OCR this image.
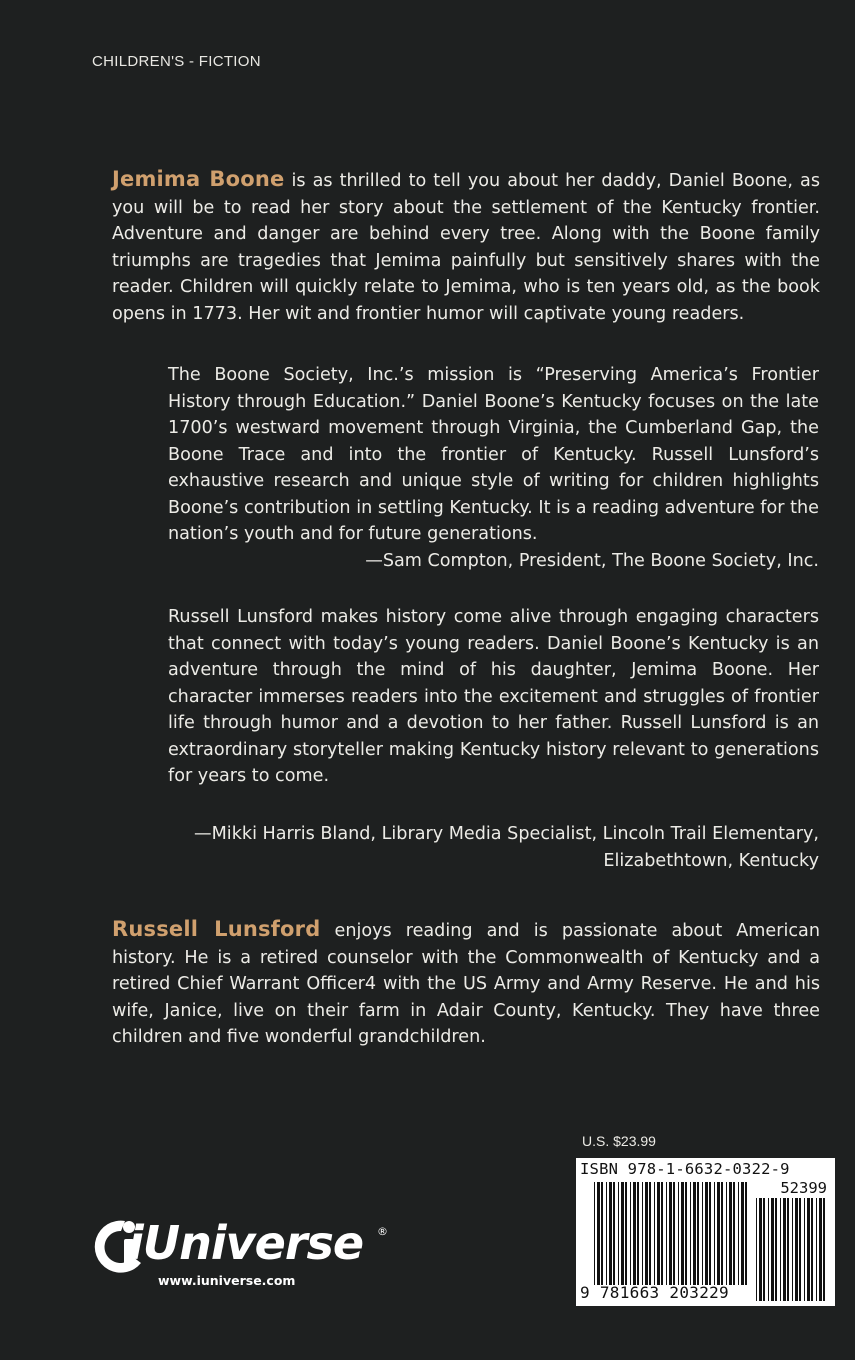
CHILDREN'S - FICTION

Jemima Boone is as thrilled to tell you about her daddy, Daniel Boone, as you will be to read her story about the settlement of the Kentucky frontier. Adventure and danger are behind every tree. Along with the Boone family triumphs are tragedies that Jemima painfully but sensitively shares with the reader. Children will quickly relate to Jemima, who is ten years old, as the book opens in 1773. Her wit and frontier humor will captivate young readers.

The Boone Society, Inc.’s mission is “Preserving America’s Frontier History through Education.” Daniel Boone’s Kentucky focuses on the late 1700’s westward movement through Virginia, the Cumberland Gap, the Boone Trace and into the frontier of Kentucky. Russell Lunsford’s exhaustive research and unique style of writing for children highlights Boone’s contribution in settling Kentucky. It is a reading adventure for the nation’s youth and for future generations.

—Sam Compton, President, The Boone Society, Inc.

Russell Lunsford makes history come alive through engaging characters that connect with today’s young readers. Daniel Boone’s Kentucky is an adventure through the mind of his daughter, Jemima Boone. Her character immerses readers into the excitement and struggles of frontier life through humor and a devotion to her father. Russell Lunsford is an extraordinary storyteller making Kentucky history relevant to generations for years to come.

—Mikki Harris Bland, Library Media Specialist, Lincoln Trail Elementary,

Elizabethtown, Kentucky

Russell Lunsford enjoys reading and is passionate about American history. He is a retired counselor with the Commonwealth of Kentucky and a retired Chief Warrant Officer4 with the US Army and Army Reserve. He and his wife, Janice, live on their farm in Adair County, Kentucky. They have three children and five wonderful grandchildren.

U.S. $23.99
ISBN 978-1-6632-0322-9
52399
9 781663 203229
iUniverse ®
www.iuniverse.com
